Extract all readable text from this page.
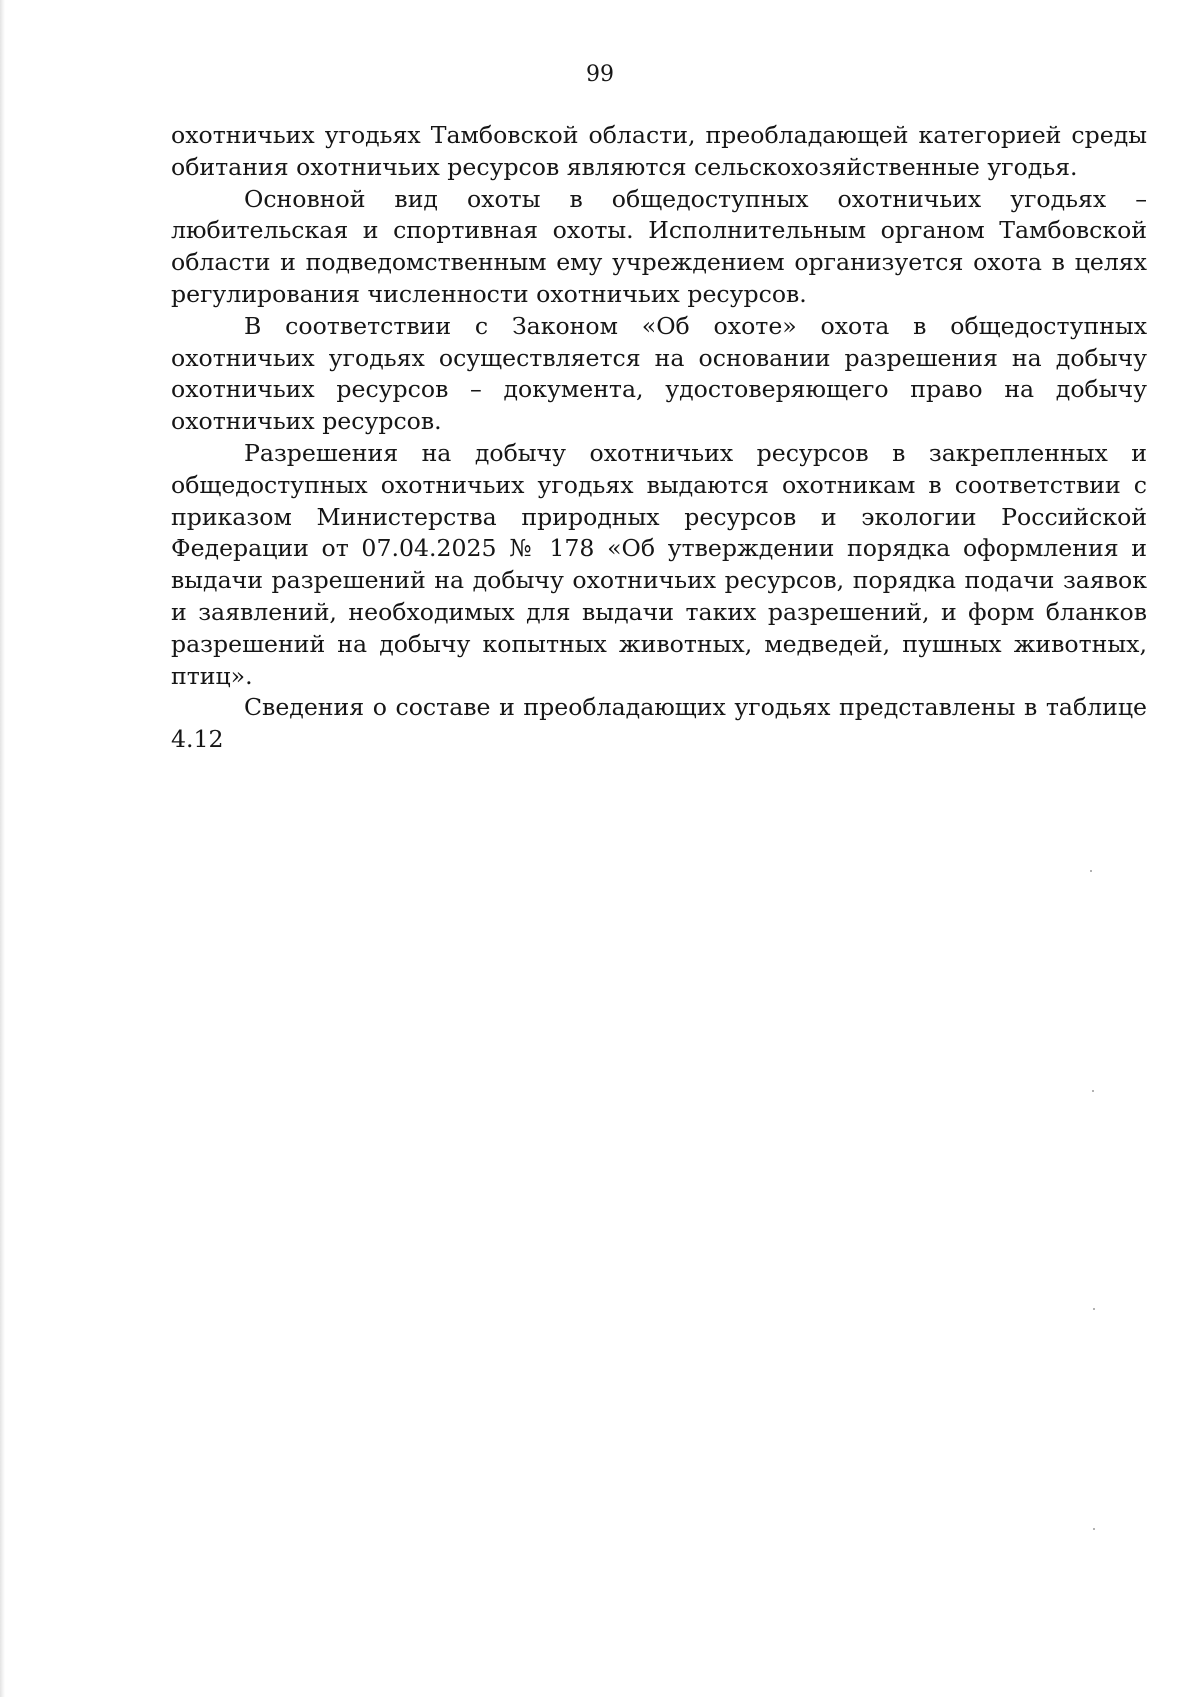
99

охотничьих угодьях Тамбовской области, преобладающей категорией среды обитания охотничьих ресурсов являются сельскохозяйственные угодья.

Основной вид охоты в общедоступных охотничьих угодьях – любительская и спортивная охоты. Исполнительным органом Тамбовской области и подведомственным ему учреждением организуется охота в целях регулирования численности охотничьих ресурсов.

В соответствии с Законом «Об охоте» охота в общедоступных охотничьих угодьях осуществляется на основании разрешения на добычу охотничьих ресурсов – документа, удостоверяющего право на добычу охотничьих ресурсов.

Разрешения на добычу охотничьих ресурсов в закрепленных и общедоступных охотничьих угодьях выдаются охотникам в соответствии с приказом Министерства природных ресурсов и экологии Российской Федерации от 07.04.2025 № 178 «Об утверждении порядка оформления и выдачи разрешений на добычу охотничьих ресурсов, порядка подачи заявок и заявлений, необходимых для выдачи таких разрешений, и форм бланков разрешений на добычу копытных животных, медведей, пушных животных, птиц».

Сведения о составе и преобладающих угодьях представлены в таблице 4.12
